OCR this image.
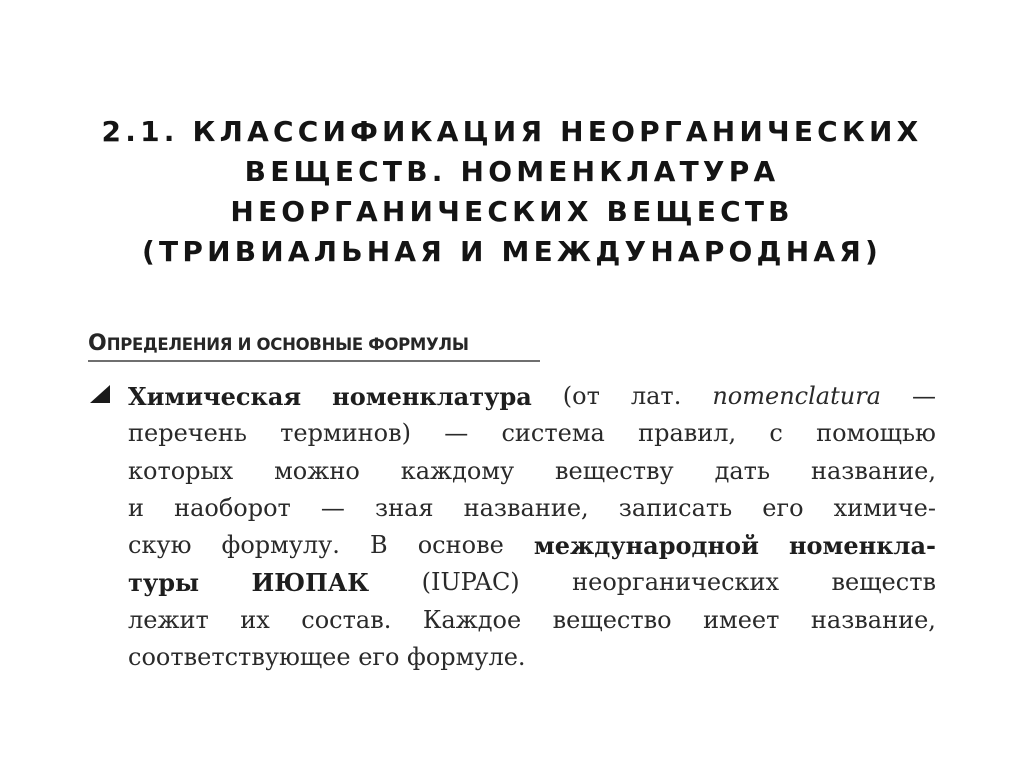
2.1. КЛАССИФИКАЦИЯ НЕОРГАНИЧЕСКИХ
ВЕЩЕСТВ. НОМЕНКЛАТУРА
НЕОРГАНИЧЕСКИХ ВЕЩЕСТВ
(ТРИВИАЛЬНАЯ И МЕЖДУНАРОДНАЯ)
ОПРЕДЕЛЕНИЯ И ОСНОВНЫЕ ФОРМУЛЫ
Химическая номенклатура (от лат. nomenclatura —
перечень терминов) — система правил, с помощью
которых можно каждому веществу дать название,
и наоборот — зная название, записать его химиче-
скую формулу. В основе международной номенкла-
туры ИЮПАК (IUPAC) неорганических веществ
лежит их состав. Каждое вещество имеет название,
соответствующее его формуле.
